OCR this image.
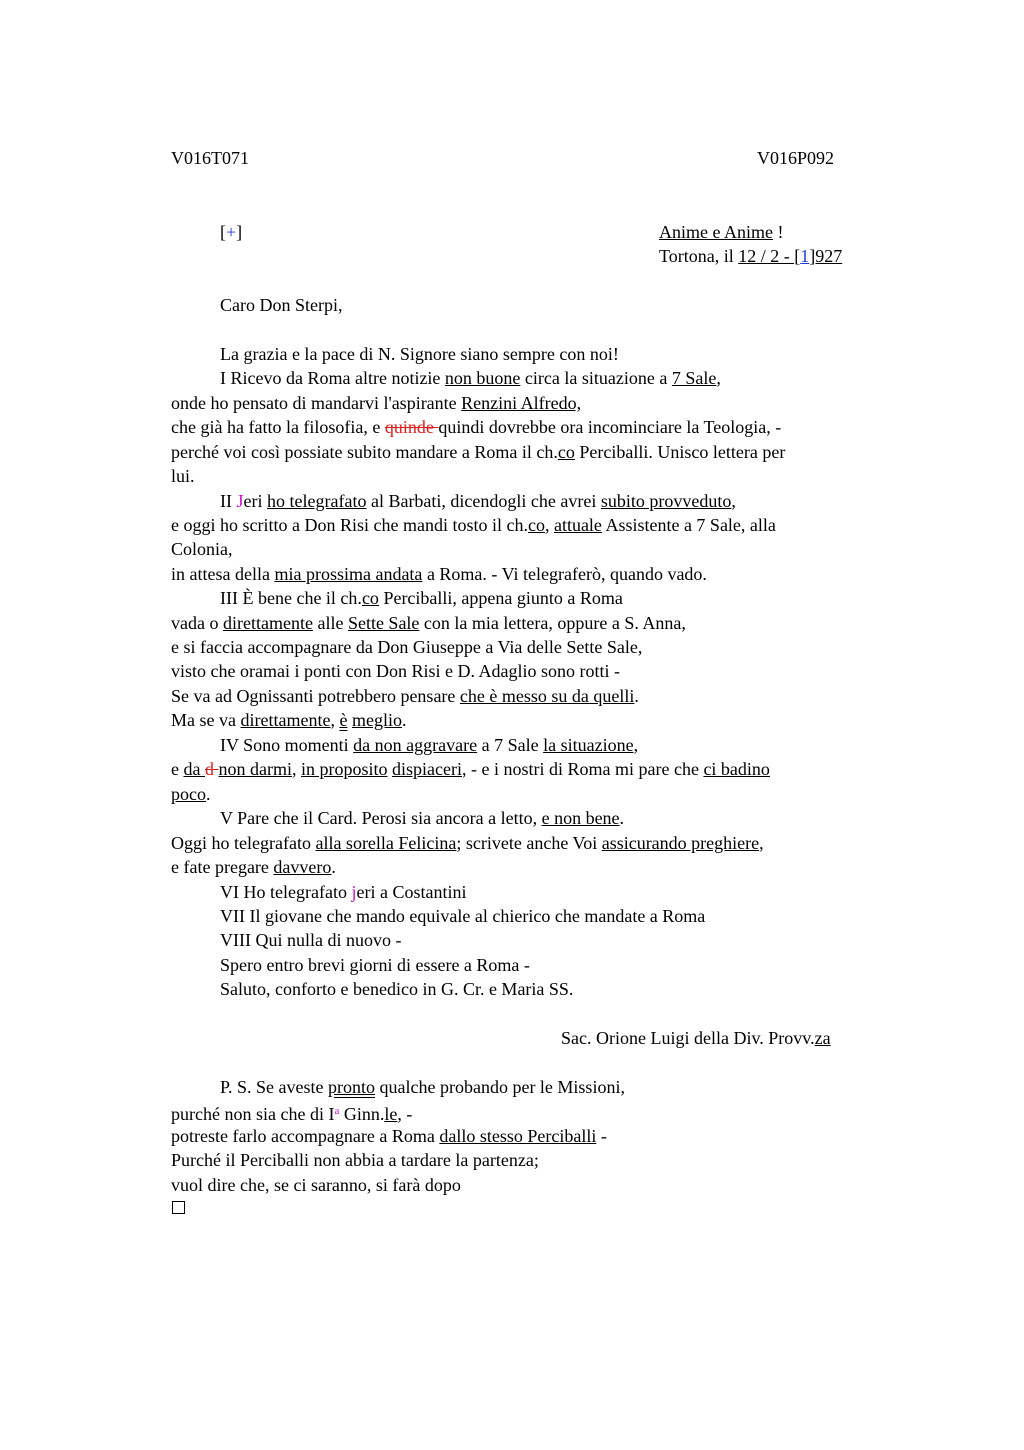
V016T071	V016P092
[+]	Anime e Anime !
Tortona, il 12 / 2 - [1]927
Caro Don Sterpi,
La grazia e la pace di N. Signore siano sempre con noi!
I Ricevo da Roma altre notizie non buone circa la situazione a 7 Sale,
onde ho pensato di mandarvi l'aspirante Renzini Alfredo,
che già ha fatto la filosofia, e quinde quindi dovrebbe ora incominciare la Teologia, -
perché voi così possiate subito mandare a Roma il ch.co Perciballi. Unisco lettera per
lui.
II Jeri ho telegrafato al Barbati, dicendogli che avrei subito provveduto,
e oggi ho scritto a Don Risi che mandi tosto il ch.co, attuale Assistente a 7 Sale, alla
Colonia,
in attesa della mia prossima andata a Roma. - Vi telegraferò, quando vado.
III È bene che il ch.co Perciballi, appena giunto a Roma
vada o direttamente alle Sette Sale con la mia lettera, oppure a S. Anna,
e si faccia accompagnare da Don Giuseppe a Via delle Sette Sale,
visto che oramai i ponti con Don Risi e D. Adaglio sono rotti -
Se va ad Ognissanti potrebbero pensare che è messo su da quelli.
Ma se va direttamente, è meglio.
IV Sono momenti da non aggravare a 7 Sale la situazione,
e da d non darmi, in proposito dispiaceri, - e i nostri di Roma mi pare che ci badino
poco.
V Pare che il Card. Perosi sia ancora a letto, e non bene.
Oggi ho telegrafato alla sorella Felicina; scrivete anche Voi assicurando preghiere,
e fate pregare davvero.
VI Ho telegrafato jeri a Costantini
VII Il giovane che mando equivale al chierico che mandate a Roma
VIII Qui nulla di nuovo -
Spero entro brevi giorni di essere a Roma -
Saluto, conforto e benedico in G. Cr. e Maria SS.
Sac. Orione Luigi della Div. Provv.za
P. S. Se aveste pronto qualche probando per le Missioni,
purché non sia che di $I^a$ Ginn.le, -
potreste farlo accompagnare a Roma dallo stesso Perciballi -
Purché il Perciballi non abbia a tardare la partenza;
vuol dire che, se ci saranno, si farà dopo
